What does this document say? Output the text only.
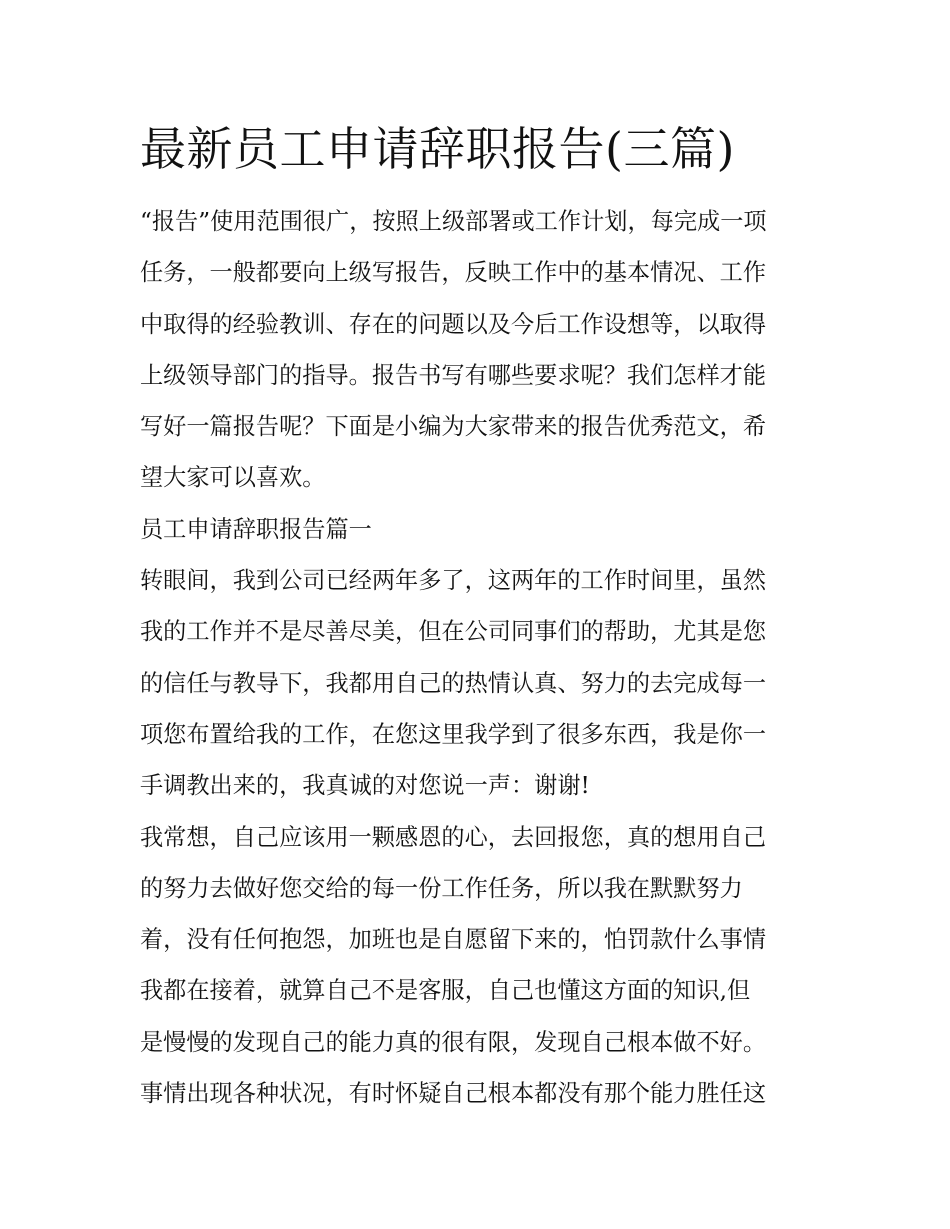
最新员工申请辞职报告(三篇)

“报告”使用范围很广，按照上级部署或工作计划，每完成一项

任务，一般都要向上级写报告，反映工作中的基本情况、工作

中取得的经验教训、存在的问题以及今后工作设想等，以取得

上级领导部门的指导。报告书写有哪些要求呢？我们怎样才能

写好一篇报告呢？下面是小编为大家带来的报告优秀范文，希

望大家可以喜欢。

员工申请辞职报告篇一

转眼间，我到公司已经两年多了，这两年的工作时间里，虽然

我的工作并不是尽善尽美，但在公司同事们的帮助，尤其是您

的信任与教导下，我都用自己的热情认真、努力的去完成每一

项您布置给我的工作，在您这里我学到了很多东西，我是你一

手调教出来的，我真诚的对您说一声：谢谢!

我常想，自己应该用一颗感恩的心，去回报您，真的想用自己

的努力去做好您交给的每一份工作任务，所以我在默默努力

着，没有任何抱怨，加班也是自愿留下来的，怕罚款什么事情

我都在接着，就算自己不是客服，自己也懂这方面的知识,但

是慢慢的发现自己的能力真的很有限，发现自己根本做不好。

事情出现各种状况，有时怀疑自己根本都没有那个能力胜任这
